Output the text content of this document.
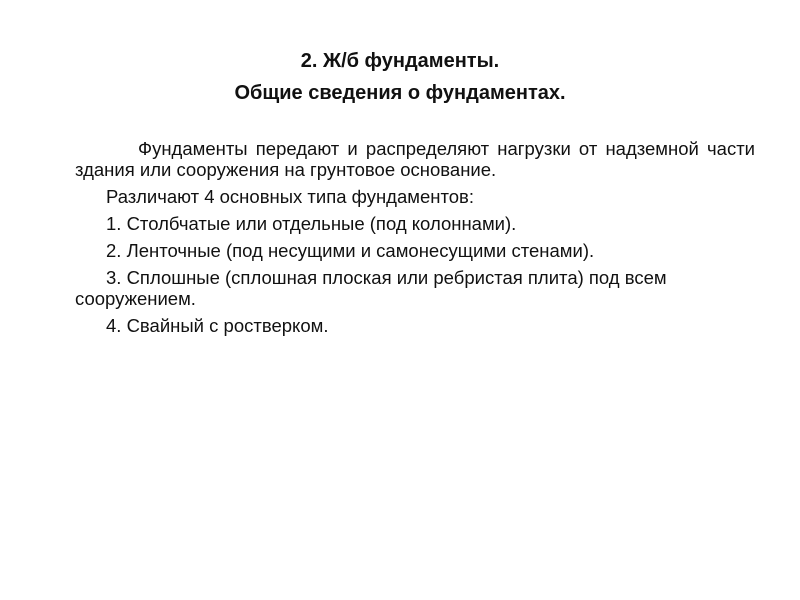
2. Ж/б фундаменты.
Общие сведения о фундаментах.

Фундаменты передают и распределяют нагрузки от надземной части здания или сооружения на грунтовое основание.

Различают 4 основных типа фундаментов:

1. Столбчатые или отдельные (под колоннами).

2. Ленточные (под несущими и самонесущими стенами).

3. Сплошные (сплошная плоская или ребристая плита) под всем сооружением.

4. Свайный с ростверком.
